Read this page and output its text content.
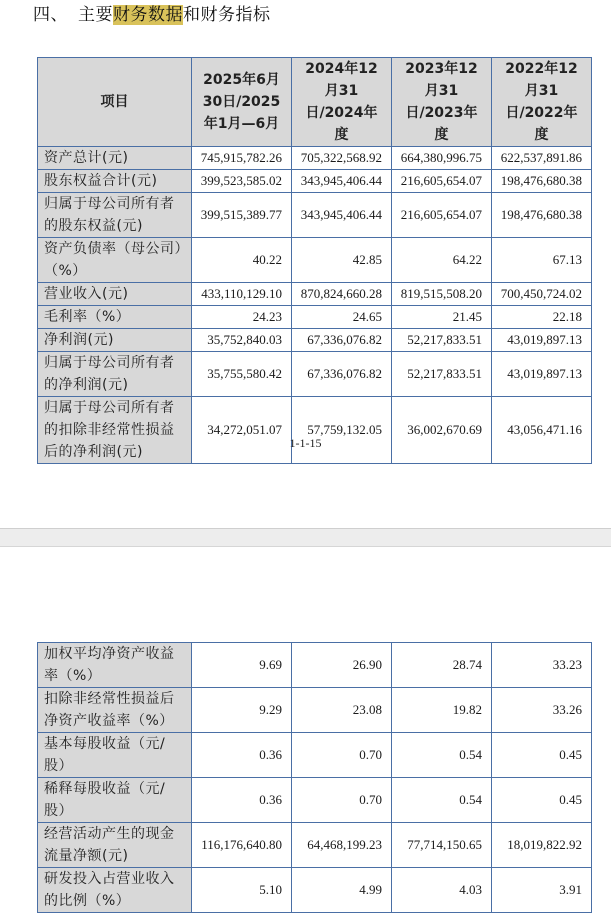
四、 主要财务数据和财务指标
项目	2025年6月30日/2025年1月—6月	2024年12月31日/2024年度	2023年12月31日/2023年度	2022年12月31日/2022年度
资产总计(元)	745,915,782.26	705,322,568.92	664,380,996.75	622,537,891.86
股东权益合计(元)	399,523,585.02	343,945,406.44	216,605,654.07	198,476,680.38
归属于母公司所有者的股东权益(元)	399,515,389.77	343,945,406.44	216,605,654.07	198,476,680.38
资产负债率（母公司）（%）	40.22	42.85	64.22	67.13
营业收入(元)	433,110,129.10	870,824,660.28	819,515,508.20	700,450,724.02
毛利率（%）	24.23	24.65	21.45	22.18
净利润(元)	35,752,840.03	67,336,076.82	52,217,833.51	43,019,897.13
归属于母公司所有者的净利润(元)	35,755,580.42	67,336,076.82	52,217,833.51	43,019,897.13
归属于母公司所有者的扣除非经常性损益后的净利润(元)	34,272,051.07	57,759,132.05	36,002,670.69	43,056,471.16
1-1-15
加权平均净资产收益率（%）	9.69	26.90	28.74	33.23
扣除非经常性损益后净资产收益率（%）	9.29	23.08	19.82	33.26
基本每股收益（元/股）	0.36	0.70	0.54	0.45
稀释每股收益（元/股）	0.36	0.70	0.54	0.45
经营活动产生的现金流量净额(元)	116,176,640.80	64,468,199.23	77,714,150.65	18,019,822.92
研发投入占营业收入的比例（%）	5.10	4.99	4.03	3.91
